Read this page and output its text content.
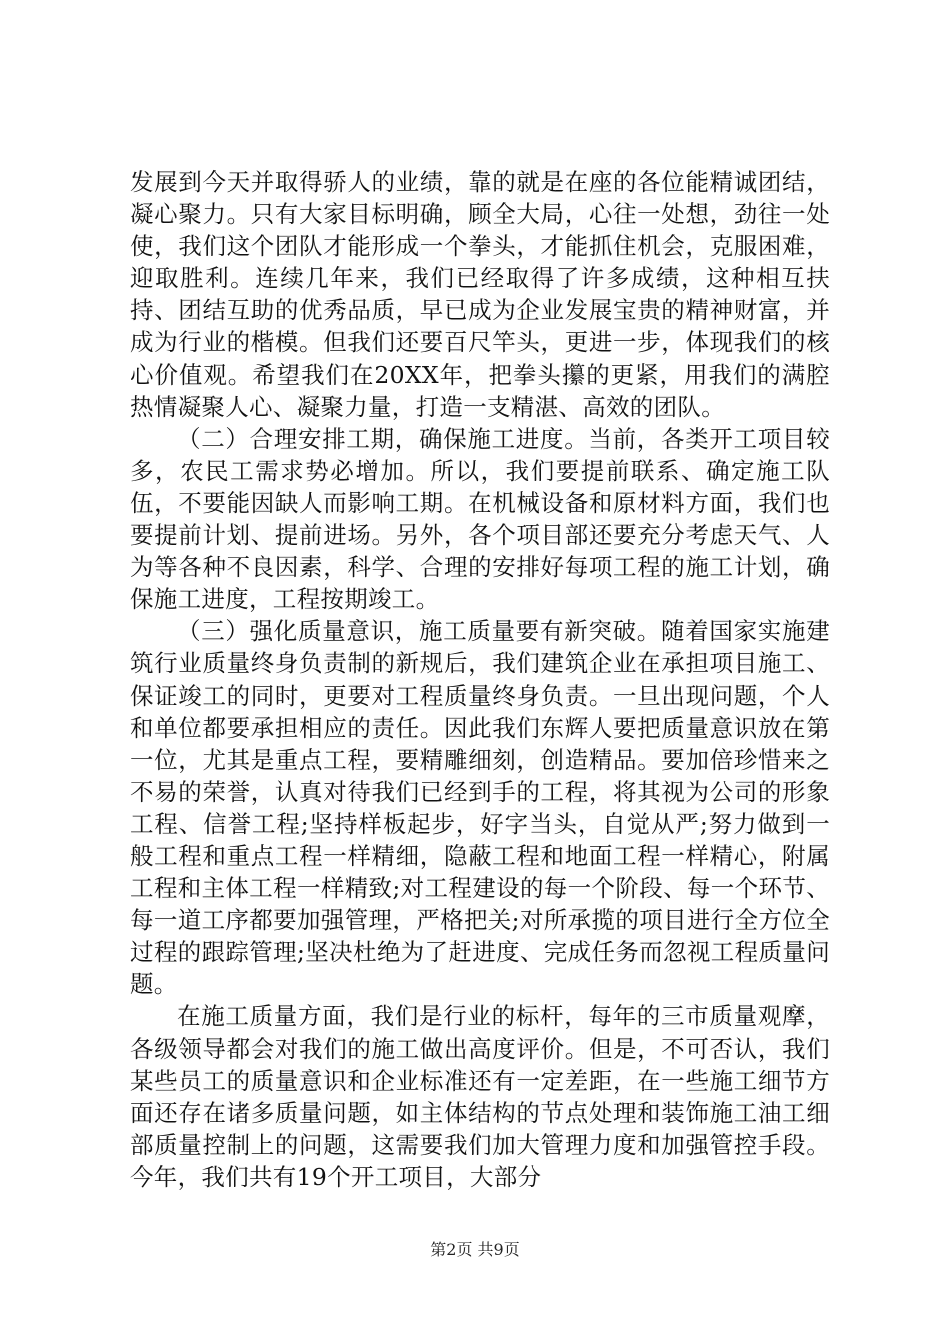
发展到今天并取得骄人的业绩，靠的就是在座的各位能精诚团结，凝心聚力。只有大家目标明确，顾全大局，心往一处想，劲往一处使，我们这个团队才能形成一个拳头，才能抓住机会，克服困难，迎取胜利。连续几年来，我们已经取得了许多成绩，这种相互扶持、团结互助的优秀品质，早已成为企业发展宝贵的精神财富，并成为行业的楷模。但我们还要百尺竿头，更进一步，体现我们的核心价值观。希望我们在20XX年，把拳头攥的更紧，用我们的满腔热情凝聚人心、凝聚力量，打造一支精湛、高效的团队。

（二）合理安排工期，确保施工进度。当前，各类开工项目较多，农民工需求势必增加。所以，我们要提前联系、确定施工队伍，不要能因缺人而影响工期。在机械设备和原材料方面，我们也要提前计划、提前进场。另外，各个项目部还要充分考虑天气、人为等各种不良因素，科学、合理的安排好每项工程的施工计划，确保施工进度，工程按期竣工。

（三）强化质量意识，施工质量要有新突破。随着国家实施建筑行业质量终身负责制的新规后，我们建筑企业在承担项目施工、保证竣工的同时，更要对工程质量终身负责。一旦出现问题，个人和单位都要承担相应的责任。因此我们东辉人要把质量意识放在第一位，尤其是重点工程，要精雕细刻，创造精品。要加倍珍惜来之不易的荣誉，认真对待我们已经到手的工程，将其视为公司的形象工程、信誉工程;坚持样板起步，好字当头，自觉从严;努力做到一般工程和重点工程一样精细，隐蔽工程和地面工程一样精心，附属工程和主体工程一样精致;对工程建设的每一个阶段、每一个环节、每一道工序都要加强管理，严格把关;对所承揽的项目进行全方位全过程的跟踪管理;坚决杜绝为了赶进度、完成任务而忽视工程质量问题。

在施工质量方面，我们是行业的标杆，每年的三市质量观摩，各级领导都会对我们的施工做出高度评价。但是，不可否认，我们某些员工的质量意识和企业标准还有一定差距，在一些施工细节方面还存在诸多质量问题，如主体结构的节点处理和装饰施工油工细部质量控制上的问题，这需要我们加大管理力度和加强管控手段。今年，我们共有19个开工项目，大部分

第2页 共9页
